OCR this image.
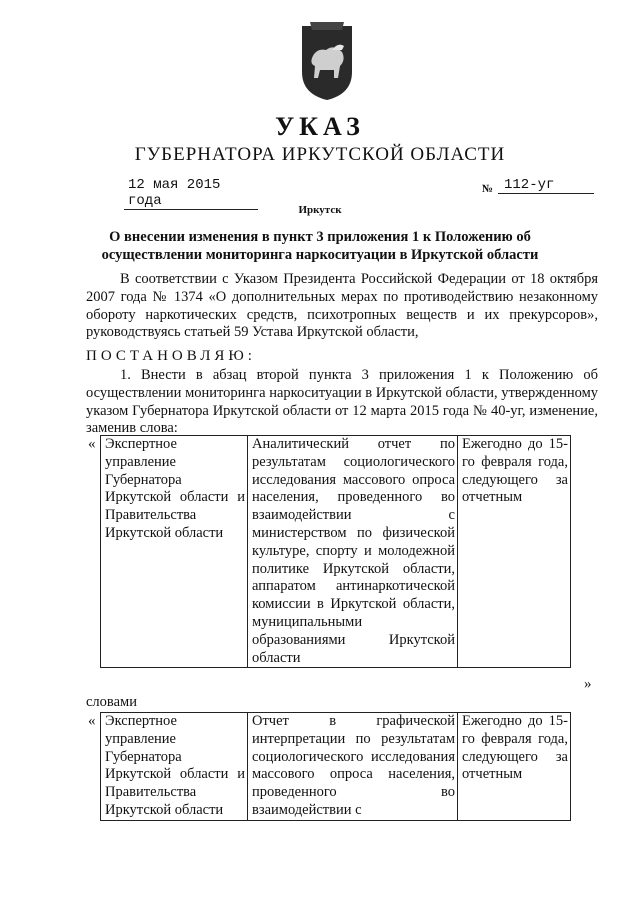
УКАЗ
ГУБЕРНАТОРА ИРКУТСКОЙ ОБЛАСТИ
12 мая 2015 года
№ 112-уг
Иркутск
О внесении изменения в пункт 3 приложения 1 к Положению об осуществлении мониторинга наркоситуации в Иркутской области
В соответствии с Указом Президента Российской Федерации от 18 октября 2007 года № 1374 «О дополнительных мерах по противодействию незаконному обороту наркотических средств, психотропных веществ и их прекурсоров», руководствуясь статьей 59 Устава Иркутской области,
ПОСТАНОВЛЯЮ:
1. Внести в абзац второй пункта 3 приложения 1 к Положению об осуществлении мониторинга наркоситуации в Иркутской области, утвержденному указом Губернатора Иркутской области от 12 марта 2015 года № 40-уг, изменение, заменив слова:
« Экспертное управление Губернатора Иркутской области и Правительства Иркутской области	Аналитический отчет по результатам социологического исследования массового опроса населения, проведенного во взаимодействии с министерством по физической культуре, спорту и молодежной политике Иркутской области, аппаратом антинаркотической комиссии в Иркутской области, муниципальными образованиями Иркутской области	Ежегодно до 15-го февраля года, следующего за отчетным
»
словами
« Экспертное управление Губернатора Иркутской области и Правительства Иркутской области	Отчет в графической интерпретации по результатам социологического исследования массового опроса населения, проведенного во взаимодействии с	Ежегодно до 15-го февраля года, следующего за отчетным
